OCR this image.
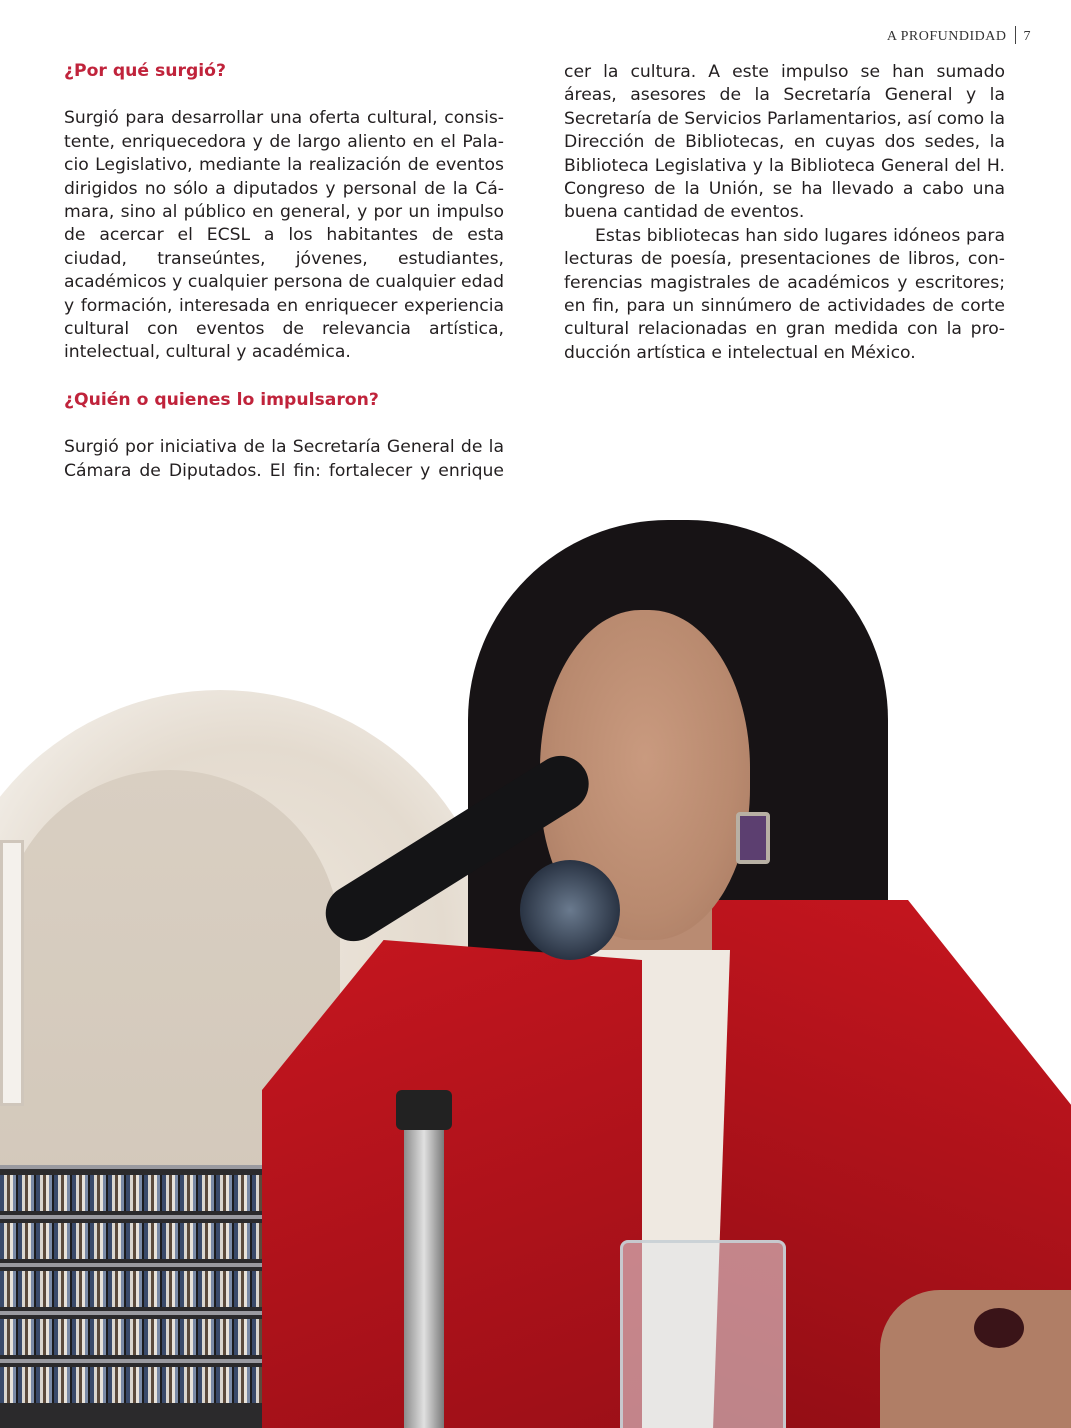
A PROFUNDIDAD 7
¿Por qué surgió?

Surgió para desarrollar una oferta cultural, consistente, enriquecedora y de largo aliento en el Palacio Legislativo, mediante la realización de eventos dirigidos no sólo a diputados y personal de la Cámara, sino al público en general, y por un impulso de acercar el ECSL a los habitantes de esta ciudad, transeúntes, jóvenes, estudiantes, académicos y cualquier persona de cualquier edad y formación, interesada en enriquecer experiencia cultural con eventos de relevancia artística, intelectual, cultural y académica.

¿Quién o quienes lo impulsaron?

Surgió por iniciativa de la Secretaría General de la Cámara de Diputados. El fin: fortalecer y enrique

cer la cultura. A este impulso se han sumado áreas, asesores de la Secretaría General y la Secretaría de Servicios Parlamentarios, así como la Dirección de Bibliotecas, en cuyas dos sedes, la Biblioteca Legislativa y la Biblioteca General del H. Congreso de la Unión, se ha llevado a cabo una buena cantidad de eventos.

Estas bibliotecas han sido lugares idóneos para lecturas de poesía, presentaciones de libros, conferencias magistrales de académicos y escritores; en fin, para un sinnúmero de actividades de corte cultural relacionadas en gran medida con la producción artística e intelectual en México.
